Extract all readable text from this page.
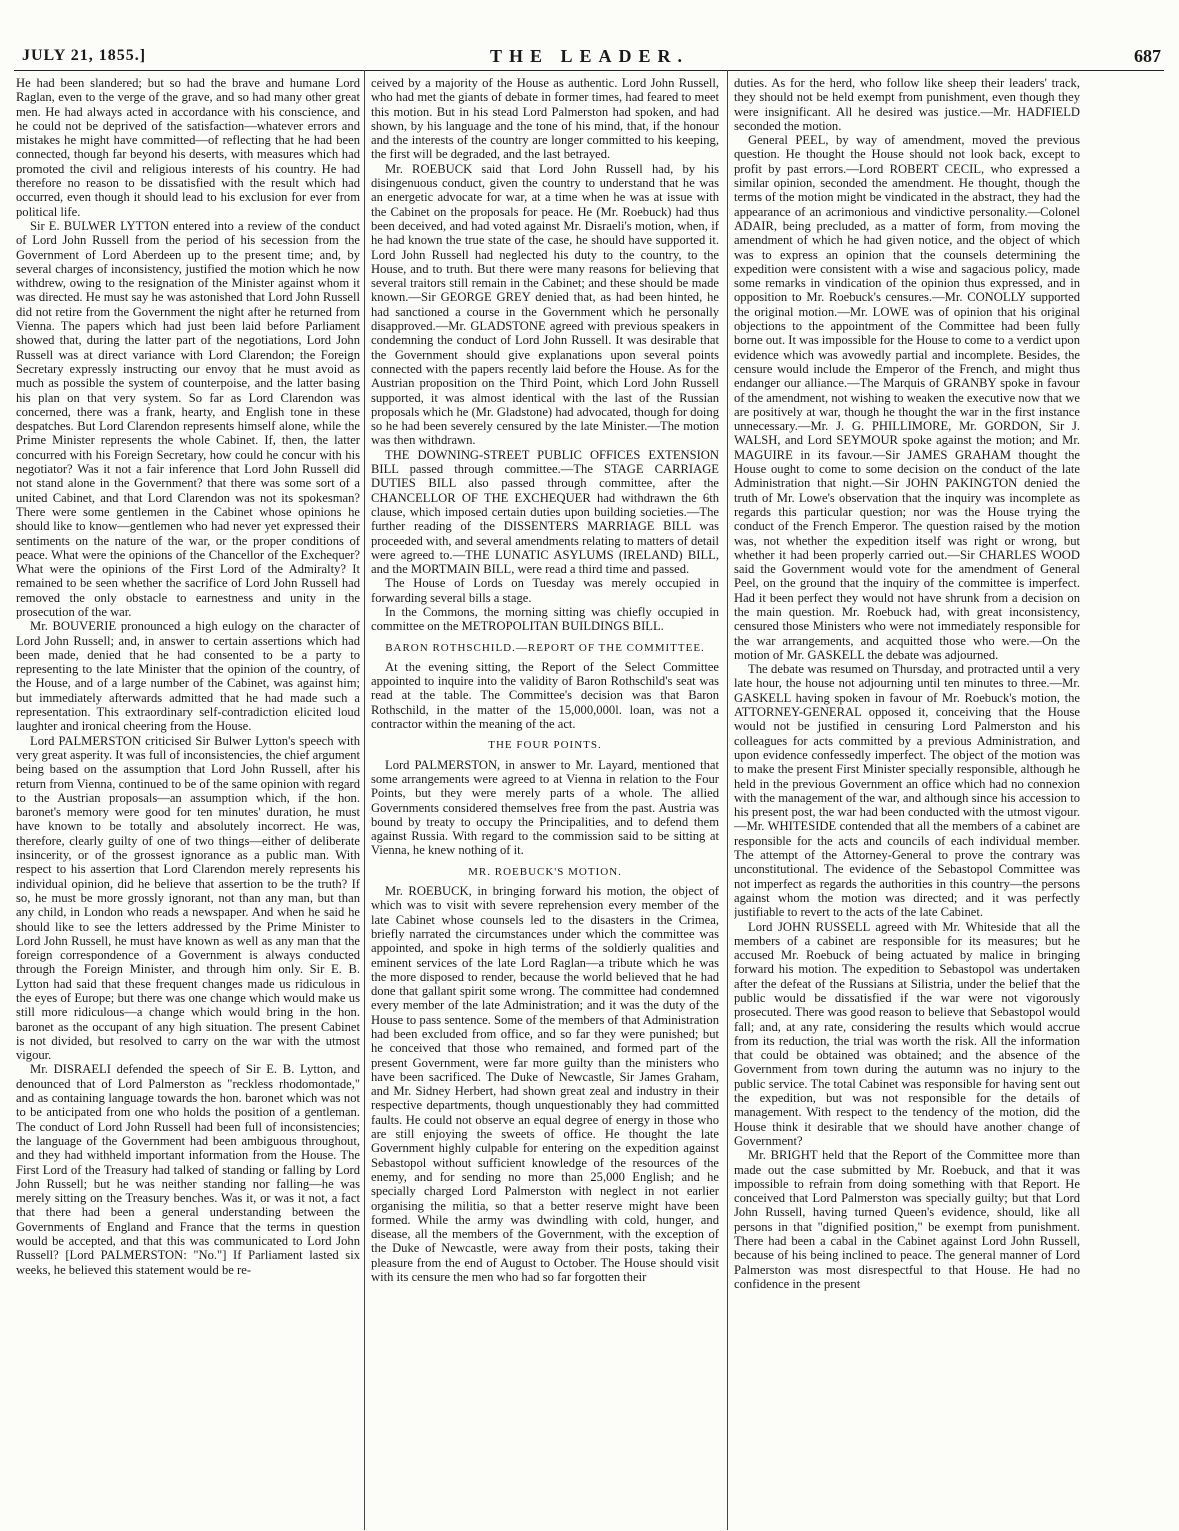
JULY 21, 1855.]	THE LEADER.	687

He had been slandered; but so had the brave and humane Lord Raglan, even to the verge of the grave, and so had many other great men. He had always acted in accordance with his conscience, and he could not be deprived of the satisfaction—whatever errors and mistakes he might have committed—of reflecting that he had been connected, though far beyond his deserts, with measures which had promoted the civil and religious interests of his country. He had therefore no reason to be dissatisfied with the result which had occurred, even though it should lead to his exclusion for ever from political life.

Sir E. BULWER LYTTON entered into a review of the conduct of Lord John Russell from the period of his secession from the Government of Lord Aberdeen up to the present time; and, by several charges of inconsistency, justified the motion which he now withdrew, owing to the resignation of the Minister against whom it was directed. He must say he was astonished that Lord John Russell did not retire from the Government the night after he returned from Vienna. The papers which had just been laid before Parliament showed that, during the latter part of the negotiations, Lord John Russell was at direct variance with Lord Clarendon; the Foreign Secretary expressly instructing our envoy that he must avoid as much as possible the system of counterpoise, and the latter basing his plan on that very system. So far as Lord Clarendon was concerned, there was a frank, hearty, and English tone in these despatches. But Lord Clarendon represents himself alone, while the Prime Minister represents the whole Cabinet. If, then, the latter concurred with his Foreign Secretary, how could he concur with his negotiator? Was it not a fair inference that Lord John Russell did not stand alone in the Government? that there was some sort of a united Cabinet, and that Lord Clarendon was not its spokesman? There were some gentlemen in the Cabinet whose opinions he should like to know—gentlemen who had never yet expressed their sentiments on the nature of the war, or the proper conditions of peace. What were the opinions of the Chancellor of the Exchequer? What were the opinions of the First Lord of the Admiralty? It remained to be seen whether the sacrifice of Lord John Russell had removed the only obstacle to earnestness and unity in the prosecution of the war.

Mr. BOUVERIE pronounced a high eulogy on the character of Lord John Russell; and, in answer to certain assertions which had been made, denied that he had consented to be a party to representing to the late Minister that the opinion of the country, of the House, and of a large number of the Cabinet, was against him; but immediately afterwards admitted that he had made such a representation. This extraordinary self-contradiction elicited loud laughter and ironical cheering from the House.

Lord PALMERSTON criticised Sir Bulwer Lytton's speech with very great asperity. It was full of inconsistencies, the chief argument being based on the assumption that Lord John Russell, after his return from Vienna, continued to be of the same opinion with regard to the Austrian proposals—an assumption which, if the hon. baronet's memory were good for ten minutes' duration, he must have known to be totally and absolutely incorrect. He was, therefore, clearly guilty of one of two things—either of deliberate insincerity, or of the grossest ignorance as a public man. With respect to his assertion that Lord Clarendon merely represents his individual opinion, did he believe that assertion to be the truth? If so, he must be more grossly ignorant, not than any man, but than any child, in London who reads a newspaper. And when he said he should like to see the letters addressed by the Prime Minister to Lord John Russell, he must have known as well as any man that the foreign correspondence of a Government is always conducted through the Foreign Minister, and through him only. Sir E. B. Lytton had said that these frequent changes made us ridiculous in the eyes of Europe; but there was one change which would make us still more ridiculous—a change which would bring in the hon. baronet as the occupant of any high situation. The present Cabinet is not divided, but resolved to carry on the war with the utmost vigour.

Mr. DISRAELI defended the speech of Sir E. B. Lytton, and denounced that of Lord Palmerston as "reckless rhodomontade," and as containing language towards the hon. baronet which was not to be anticipated from one who holds the position of a gentleman. The conduct of Lord John Russell had been full of inconsistencies; the language of the Government had been ambiguous throughout, and they had withheld important information from the House. The First Lord of the Treasury had talked of standing or falling by Lord John Russell; but he was neither standing nor falling—he was merely sitting on the Treasury benches. Was it, or was it not, a fact that there had been a general understanding between the Governments of England and France that the terms in question would be accepted, and that this was communicated to Lord John Russell? [Lord PALMERSTON: "No."] If Parliament lasted six weeks, he believed this statement would be re-

ceived by a majority of the House as authentic. Lord John Russell, who had met the giants of debate in former times, had feared to meet this motion. But in his stead Lord Palmerston had spoken, and had shown, by his language and the tone of his mind, that, if the honour and the interests of the country are longer committed to his keeping, the first will be degraded, and the last betrayed.

Mr. ROEBUCK said that Lord John Russell had, by his disingenuous conduct, given the country to understand that he was an energetic advocate for war, at a time when he was at issue with the Cabinet on the proposals for peace. He (Mr. Roebuck) had thus been deceived, and had voted against Mr. Disraeli's motion, when, if he had known the true state of the case, he should have supported it. Lord John Russell had neglected his duty to the country, to the House, and to truth. But there were many reasons for believing that several traitors still remain in the Cabinet; and these should be made known.—Sir GEORGE GREY denied that, as had been hinted, he had sanctioned a course in the Government which he personally disapproved.—Mr. GLADSTONE agreed with previous speakers in condemning the conduct of Lord John Russell. It was desirable that the Government should give explanations upon several points connected with the papers recently laid before the House. As for the Austrian proposition on the Third Point, which Lord John Russell supported, it was almost identical with the last of the Russian proposals which he (Mr. Gladstone) had advocated, though for doing so he had been severely censured by the late Minister.—The motion was then withdrawn.

THE DOWNING-STREET PUBLIC OFFICES EXTENSION BILL passed through committee.—The STAGE CARRIAGE DUTIES BILL also passed through committee, after the CHANCELLOR OF THE EXCHEQUER had withdrawn the 6th clause, which imposed certain duties upon building societies.—The further reading of the DISSENTERS MARRIAGE BILL was proceeded with, and several amendments relating to matters of detail were agreed to.—THE LUNATIC ASYLUMS (IRELAND) BILL, and the MORTMAIN BILL, were read a third time and passed.

The House of Lords on Tuesday was merely occupied in forwarding several bills a stage.

In the Commons, the morning sitting was chiefly occupied in committee on the METROPOLITAN BUILDINGS BILL.

BARON ROTHSCHILD.—REPORT OF THE COMMITTEE.

At the evening sitting, the Report of the Select Committee appointed to inquire into the validity of Baron Rothschild's seat was read at the table. The Committee's decision was that Baron Rothschild, in the matter of the 15,000,000l. loan, was not a contractor within the meaning of the act.

THE FOUR POINTS.

Lord PALMERSTON, in answer to Mr. Layard, mentioned that some arrangements were agreed to at Vienna in relation to the Four Points, but they were merely parts of a whole. The allied Governments considered themselves free from the past. Austria was bound by treaty to occupy the Principalities, and to defend them against Russia. With regard to the commission said to be sitting at Vienna, he knew nothing of it.

MR. ROEBUCK'S MOTION.

Mr. ROEBUCK, in bringing forward his motion, the object of which was to visit with severe reprehension every member of the late Cabinet whose counsels led to the disasters in the Crimea, briefly narrated the circumstances under which the committee was appointed, and spoke in high terms of the soldierly qualities and eminent services of the late Lord Raglan—a tribute which he was the more disposed to render, because the world believed that he had done that gallant spirit some wrong. The committee had condemned every member of the late Administration; and it was the duty of the House to pass sentence. Some of the members of that Administration had been excluded from office, and so far they were punished; but he conceived that those who remained, and formed part of the present Government, were far more guilty than the ministers who have been sacrificed. The Duke of Newcastle, Sir James Graham, and Mr. Sidney Herbert, had shown great zeal and industry in their respective departments, though unquestionably they had committed faults. He could not observe an equal degree of energy in those who are still enjoying the sweets of office. He thought the late Government highly culpable for entering on the expedition against Sebastopol without sufficient knowledge of the resources of the enemy, and for sending no more than 25,000 English; and he specially charged Lord Palmerston with neglect in not earlier organising the militia, so that a better reserve might have been formed. While the army was dwindling with cold, hunger, and disease, all the members of the Government, with the exception of the Duke of Newcastle, were away from their posts, taking their pleasure from the end of August to October. The House should visit with its censure the men who had so far forgotten their

duties. As for the herd, who follow like sheep their leaders' track, they should not be held exempt from punishment, even though they were insignificant. All he desired was justice.—Mr. HADFIELD seconded the motion.

General PEEL, by way of amendment, moved the previous question. He thought the House should not look back, except to profit by past errors.—Lord ROBERT CECIL, who expressed a similar opinion, seconded the amendment. He thought, though the terms of the motion might be vindicated in the abstract, they had the appearance of an acrimonious and vindictive personality.—Colonel ADAIR, being precluded, as a matter of form, from moving the amendment of which he had given notice, and the object of which was to express an opinion that the counsels determining the expedition were consistent with a wise and sagacious policy, made some remarks in vindication of the opinion thus expressed, and in opposition to Mr. Roebuck's censures.—Mr. CONOLLY supported the original motion.—Mr. LOWE was of opinion that his original objections to the appointment of the Committee had been fully borne out. It was impossible for the House to come to a verdict upon evidence which was avowedly partial and incomplete. Besides, the censure would include the Emperor of the French, and might thus endanger our alliance.—The Marquis of GRANBY spoke in favour of the amendment, not wishing to weaken the executive now that we are positively at war, though he thought the war in the first instance unnecessary.—Mr. J. G. PHILLIMORE, Mr. GORDON, Sir J. WALSH, and Lord SEYMOUR spoke against the motion; and Mr. MAGUIRE in its favour.—Sir JAMES GRAHAM thought the House ought to come to some decision on the conduct of the late Administration that night.—Sir JOHN PAKINGTON denied the truth of Mr. Lowe's observation that the inquiry was incomplete as regards this particular question; nor was the House trying the conduct of the French Emperor. The question raised by the motion was, not whether the expedition itself was right or wrong, but whether it had been properly carried out.—Sir CHARLES WOOD said the Government would vote for the amendment of General Peel, on the ground that the inquiry of the committee is imperfect. Had it been perfect they would not have shrunk from a decision on the main question. Mr. Roebuck had, with great inconsistency, censured those Ministers who were not immediately responsible for the war arrangements, and acquitted those who were.—On the motion of Mr. GASKELL the debate was adjourned.

The debate was resumed on Thursday, and protracted until a very late hour, the house not adjourning until ten minutes to three.—Mr. GASKELL having spoken in favour of Mr. Roebuck's motion, the ATTORNEY-GENERAL opposed it, conceiving that the House would not be justified in censuring Lord Palmerston and his colleagues for acts committed by a previous Administration, and upon evidence confessedly imperfect. The object of the motion was to make the present First Minister specially responsible, although he held in the previous Government an office which had no connexion with the management of the war, and although since his accession to his present post, the war had been conducted with the utmost vigour.—Mr. WHITESIDE contended that all the members of a cabinet are responsible for the acts and councils of each individual member. The attempt of the Attorney-General to prove the contrary was unconstitutional. The evidence of the Sebastopol Committee was not imperfect as regards the authorities in this country—the persons against whom the motion was directed; and it was perfectly justifiable to revert to the acts of the late Cabinet.

Lord JOHN RUSSELL agreed with Mr. Whiteside that all the members of a cabinet are responsible for its measures; but he accused Mr. Roebuck of being actuated by malice in bringing forward his motion. The expedition to Sebastopol was undertaken after the defeat of the Russians at Silistria, under the belief that the public would be dissatisfied if the war were not vigorously prosecuted. There was good reason to believe that Sebastopol would fall; and, at any rate, considering the results which would accrue from its reduction, the trial was worth the risk. All the information that could be obtained was obtained; and the absence of the Government from town during the autumn was no injury to the public service. The total Cabinet was responsible for having sent out the expedition, but was not responsible for the details of management. With respect to the tendency of the motion, did the House think it desirable that we should have another change of Government?

Mr. BRIGHT held that the Report of the Committee more than made out the case submitted by Mr. Roebuck, and that it was impossible to refrain from doing something with that Report. He conceived that Lord Palmerston was specially guilty; but that Lord John Russell, having turned Queen's evidence, should, like all persons in that "dignified position," be exempt from punishment. There had been a cabal in the Cabinet against Lord John Russell, because of his being inclined to peace. The general manner of Lord Palmerston was most disrespectful to that House. He had no confidence in the present
